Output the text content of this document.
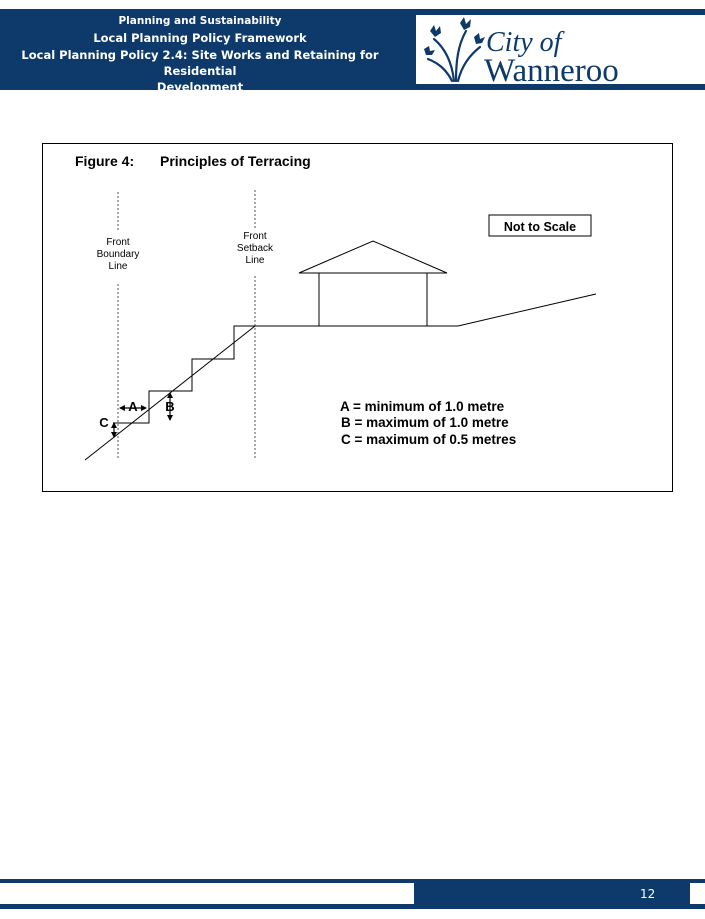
Planning and Sustainability
Local Planning Policy Framework
Local Planning Policy 2.4: Site Works and Retaining for Residential
Development
City of
Wanneroo
Figure 4: Principles of Terracing
Not to Scale
Front
Boundary
Line
Front
Setback
Line
A B
C
A = minimum of 1.0 metre
B = maximum of 1.0 metre
C = maximum of 0.5 metres
12
